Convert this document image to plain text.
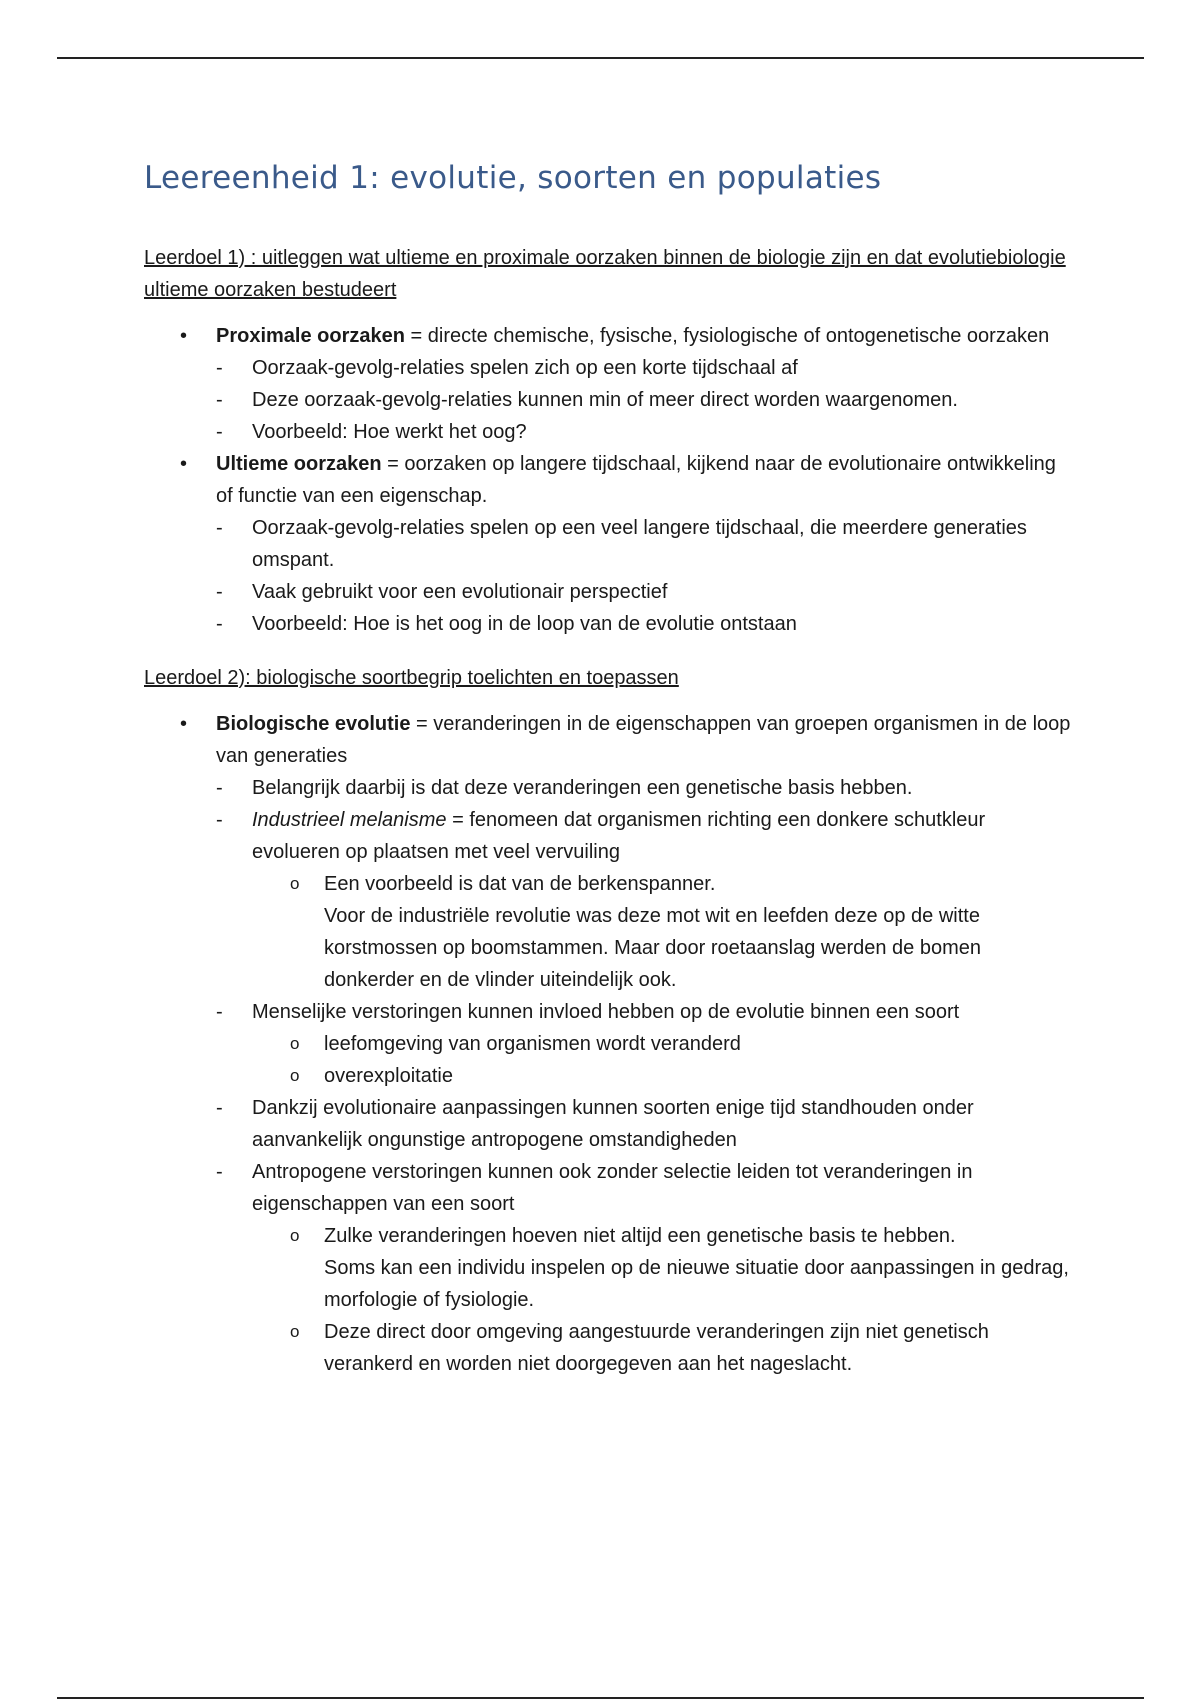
Leereenheid 1: evolutie, soorten en populaties

Leerdoel 1) : uitleggen wat ultieme en proximale oorzaken binnen de biologie zijn en dat evolutiebiologie ultieme oorzaken bestudeert

• Proximale oorzaken = directe chemische, fysische, fysiologische of ontogenetische oorzaken
- Oorzaak-gevolg-relaties spelen zich op een korte tijdschaal af
- Deze oorzaak-gevolg-relaties kunnen min of meer direct worden waargenomen.
- Voorbeeld: Hoe werkt het oog?
• Ultieme oorzaken = oorzaken op langere tijdschaal, kijkend naar de evolutionaire ontwikkeling of functie van een eigenschap.
- Oorzaak-gevolg-relaties spelen op een veel langere tijdschaal, die meerdere generaties omspant.
- Vaak gebruikt voor een evolutionair perspectief
- Voorbeeld: Hoe is het oog in de loop van de evolutie ontstaan

Leerdoel 2): biologische soortbegrip toelichten en toepassen

• Biologische evolutie = veranderingen in de eigenschappen van groepen organismen in de loop van generaties
- Belangrijk daarbij is dat deze veranderingen een genetische basis hebben.
- Industrieel melanisme = fenomeen dat organismen richting een donkere schutkleur evolueren op plaatsen met veel vervuiling
o Een voorbeeld is dat van de berkenspanner.
Voor de industriële revolutie was deze mot wit en leefden deze op de witte korstmossen op boomstammen. Maar door roetaanslag werden de bomen donkerder en de vlinder uiteindelijk ook.
- Menselijke verstoringen kunnen invloed hebben op de evolutie binnen een soort
o leefomgeving van organismen wordt veranderd
o overexploitatie
- Dankzij evolutionaire aanpassingen kunnen soorten enige tijd standhouden onder aanvankelijk ongunstige antropogene omstandigheden
- Antropogene verstoringen kunnen ook zonder selectie leiden tot veranderingen in eigenschappen van een soort
o Zulke veranderingen hoeven niet altijd een genetische basis te hebben.
Soms kan een individu inspelen op de nieuwe situatie door aanpassingen in gedrag, morfologie of fysiologie.
o Deze direct door omgeving aangestuurde veranderingen zijn niet genetisch verankerd en worden niet doorgegeven aan het nageslacht.
